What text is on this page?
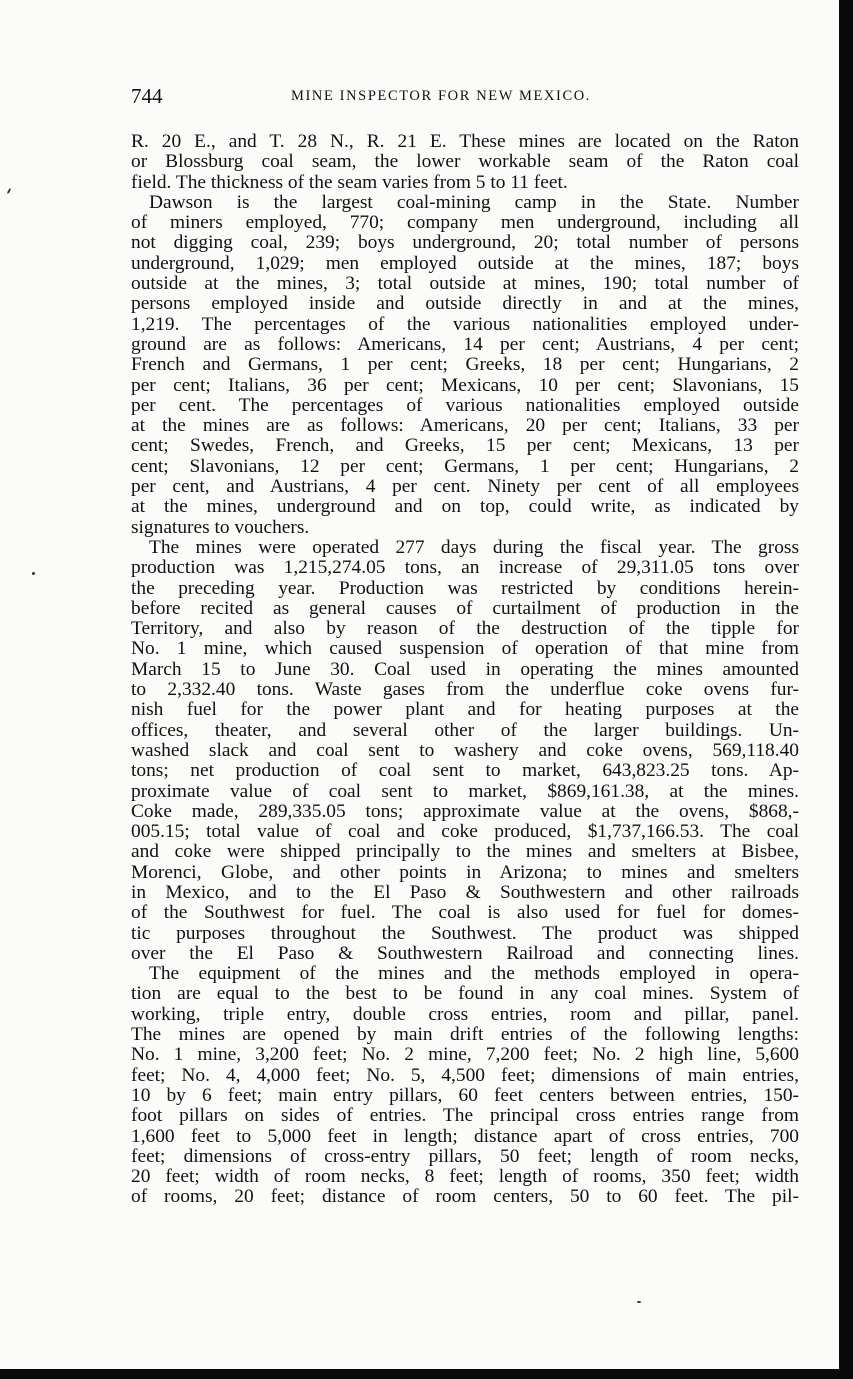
744	MINE INSPECTOR FOR NEW MEXICO.
R. 20 E., and T. 28 N., R. 21 E. These mines are located on the Raton
or Blossburg coal seam, the lower workable seam of the Raton coal
field. The thickness of the seam varies from 5 to 11 feet.
Dawson is the largest coal-mining camp in the State. Number
of miners employed, 770; company men underground, including all
not digging coal, 239; boys underground, 20; total number of persons
underground, 1,029; men employed outside at the mines, 187; boys
outside at the mines, 3; total outside at mines, 190; total number of
persons employed inside and outside directly in and at the mines,
1,219. The percentages of the various nationalities employed under-
ground are as follows: Americans, 14 per cent; Austrians, 4 per cent;
French and Germans, 1 per cent; Greeks, 18 per cent; Hungarians, 2
per cent; Italians, 36 per cent; Mexicans, 10 per cent; Slavonians, 15
per cent. The percentages of various nationalities employed outside
at the mines are as follows: Americans, 20 per cent; Italians, 33 per
cent; Swedes, French, and Greeks, 15 per cent; Mexicans, 13 per
cent; Slavonians, 12 per cent; Germans, 1 per cent; Hungarians, 2
per cent, and Austrians, 4 per cent. Ninety per cent of all employees
at the mines, underground and on top, could write, as indicated by
signatures to vouchers.
The mines were operated 277 days during the fiscal year. The gross
production was 1,215,274.05 tons, an increase of 29,311.05 tons over
the preceding year. Production was restricted by conditions herein-
before recited as general causes of curtailment of production in the
Territory, and also by reason of the destruction of the tipple for
No. 1 mine, which caused suspension of operation of that mine from
March 15 to June 30. Coal used in operating the mines amounted
to 2,332.40 tons. Waste gases from the underflue coke ovens fur-
nish fuel for the power plant and for heating purposes at the
offices, theater, and several other of the larger buildings. Un-
washed slack and coal sent to washery and coke ovens, 569,118.40
tons; net production of coal sent to market, 643,823.25 tons. Ap-
proximate value of coal sent to market, $869,161.38, at the mines.
Coke made, 289,335.05 tons; approximate value at the ovens, $868,-
005.15; total value of coal and coke produced, $1,737,166.53. The coal
and coke were shipped principally to the mines and smelters at Bisbee,
Morenci, Globe, and other points in Arizona; to mines and smelters
in Mexico, and to the El Paso & Southwestern and other railroads
of the Southwest for fuel. The coal is also used for fuel for domes-
tic purposes throughout the Southwest. The product was shipped
over the El Paso & Southwestern Railroad and connecting lines.
The equipment of the mines and the methods employed in opera-
tion are equal to the best to be found in any coal mines. System of
working, triple entry, double cross entries, room and pillar, panel.
The mines are opened by main drift entries of the following lengths:
No. 1 mine, 3,200 feet; No. 2 mine, 7,200 feet; No. 2 high line, 5,600
feet; No. 4, 4,000 feet; No. 5, 4,500 feet; dimensions of main entries,
10 by 6 feet; main entry pillars, 60 feet centers between entries, 150-
foot pillars on sides of entries. The principal cross entries range from
1,600 feet to 5,000 feet in length; distance apart of cross entries, 700
feet; dimensions of cross-entry pillars, 50 feet; length of room necks,
20 feet; width of room necks, 8 feet; length of rooms, 350 feet; width
of rooms, 20 feet; distance of room centers, 50 to 60 feet. The pil-
